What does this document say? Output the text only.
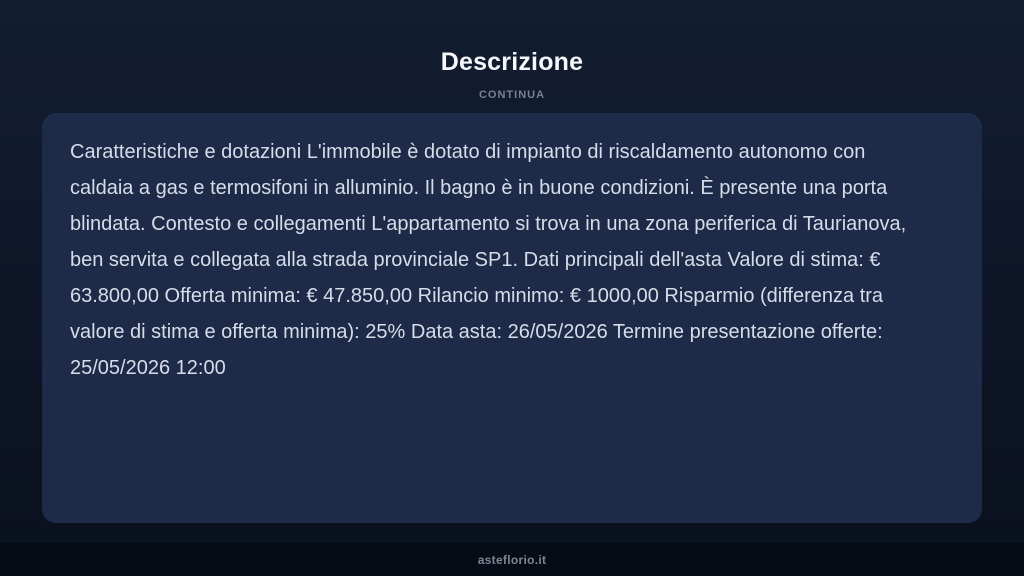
Descrizione
CONTINUA

Caratteristiche e dotazioni L'immobile è dotato di impianto di riscaldamento autonomo con caldaia a gas e termosifoni in alluminio. Il bagno è in buone condizioni. È presente una porta blindata. Contesto e collegamenti L'appartamento si trova in una zona periferica di Taurianova, ben servita e collegata alla strada provinciale SP1. Dati principali dell'asta Valore di stima: € 63.800,00 Offerta minima: € 47.850,00 Rilancio minimo: € 1000,00 Risparmio (differenza tra valore di stima e offerta minima): 25% Data asta: 26/05/2026 Termine presentazione offerte: 25/05/2026 12:00

asteflorio.it
